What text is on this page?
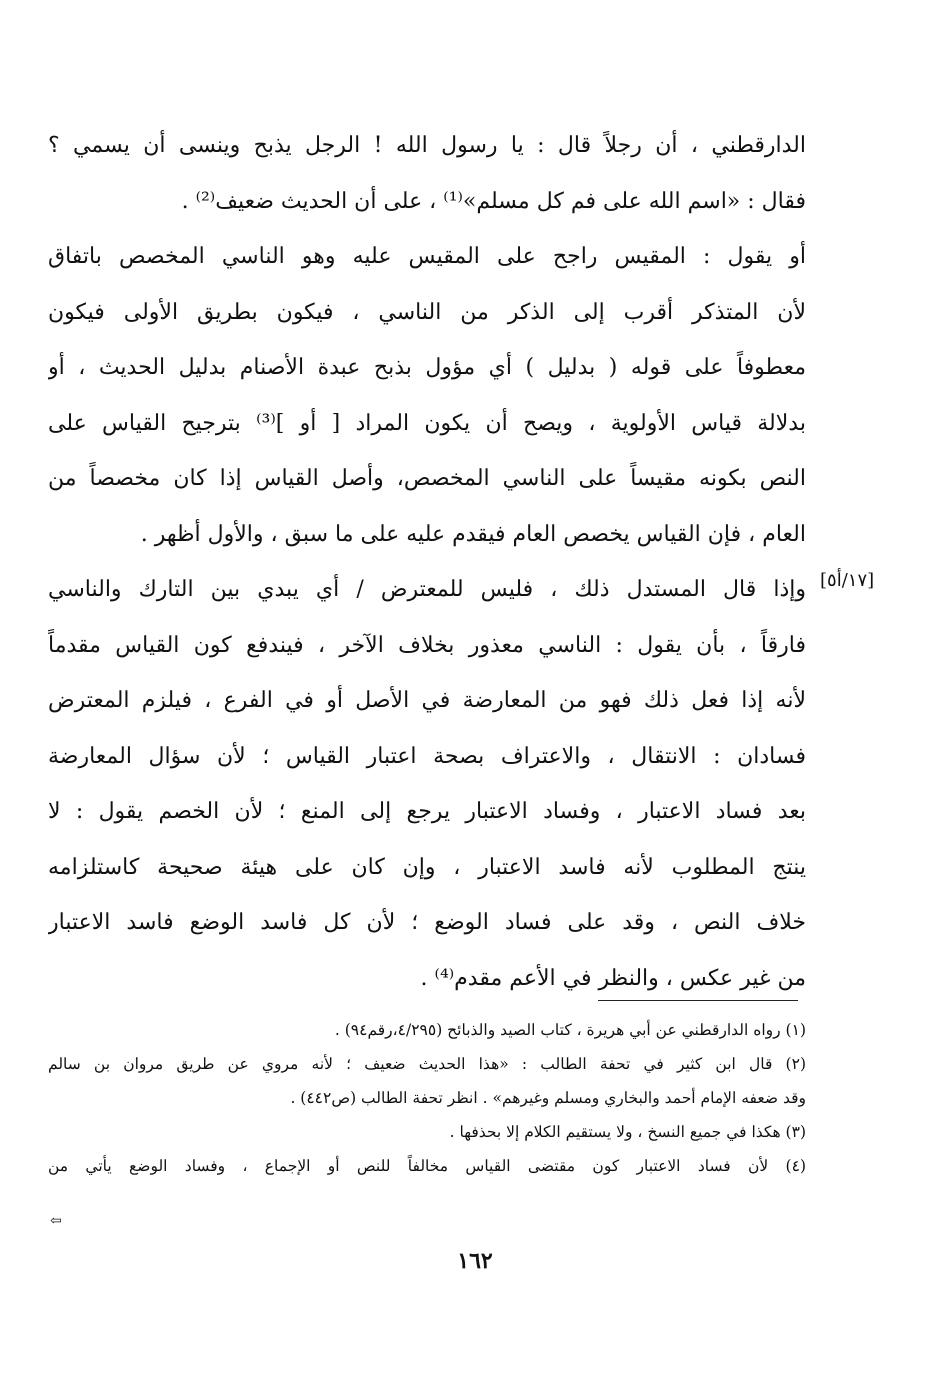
الدارقطني ، أن رجلاً قال : يا رسول الله ! الرجل يذبح وينسى أن يسمي ؟
فقال : «اسم الله على فم كل مسلم»⁽¹⁾ ، على أن الحديث ضعيف⁽²⁾ .
أو يقول : المقيس راجح على المقيس عليه وهو الناسي المخصص باتفاق
لأن المتذكر أقرب إلى الذكر من الناسي ، فيكون بطريق الأولى فيكون
معطوفاً على قوله ( بدليل ) أي مؤول بذبح عبدة الأصنام بدليل الحديث ، أو
بدلالة قياس الأولوية ، ويصح أن يكون المراد [ أو ]⁽³⁾ بترجيح القياس على
النص بكونه مقيساً على الناسي المخصص، وأصل القياس إذا كان مخصصاً من
العام ، فإن القياس يخصص العام فيقدم عليه على ما سبق ، والأول أظهر .
وإذا قال المستدل ذلك ، فليس للمعترض / أي يبدي بين التارك والناسي
فارقاً ، بأن يقول : الناسي معذور بخلاف الآخر ، فيندفع كون القياس مقدماً
لأنه إذا فعل ذلك فهو من المعارضة في الأصل أو في الفرع ، فيلزم المعترض
فسادان : الانتقال ، والاعتراف بصحة اعتبار القياس ؛ لأن سؤال المعارضة
بعد فساد الاعتبار ، وفساد الاعتبار يرجع إلى المنع ؛ لأن الخصم يقول : لا
ينتج المطلوب لأنه فاسد الاعتبار ، وإن كان على هيئة صحيحة كاستلزامه
خلاف النص ، وقد على فساد الوضع ؛ لأن كل فاسد الوضع فاسد الاعتبار
من غير عكس ، والنظر في الأعم مقدم⁽⁴⁾ .
[١٧/أ٥]
(١) رواه الدارقطني عن أبي هريرة ، كتاب الصيد والذبائح (٤/٢٩٥،رقم٩٤) .
(٢) قال ابن كثير في تحفة الطالب : «هذا الحديث ضعيف ؛ لأنه مروي عن طريق مروان بن سالم
وقد ضعفه الإمام أحمد والبخاري ومسلم وغيرهم» . انظر تحفة الطالب (ص٤٤٢) .
(٣) هكذا في جميع النسخ ، ولا يستقيم الكلام إلا بحذفها .
(٤) لأن فساد الاعتبار كون مقتضى القياس مخالفاً للنص أو الإجماع ، وفساد الوضع يأتي من
⇦
١٦٢
